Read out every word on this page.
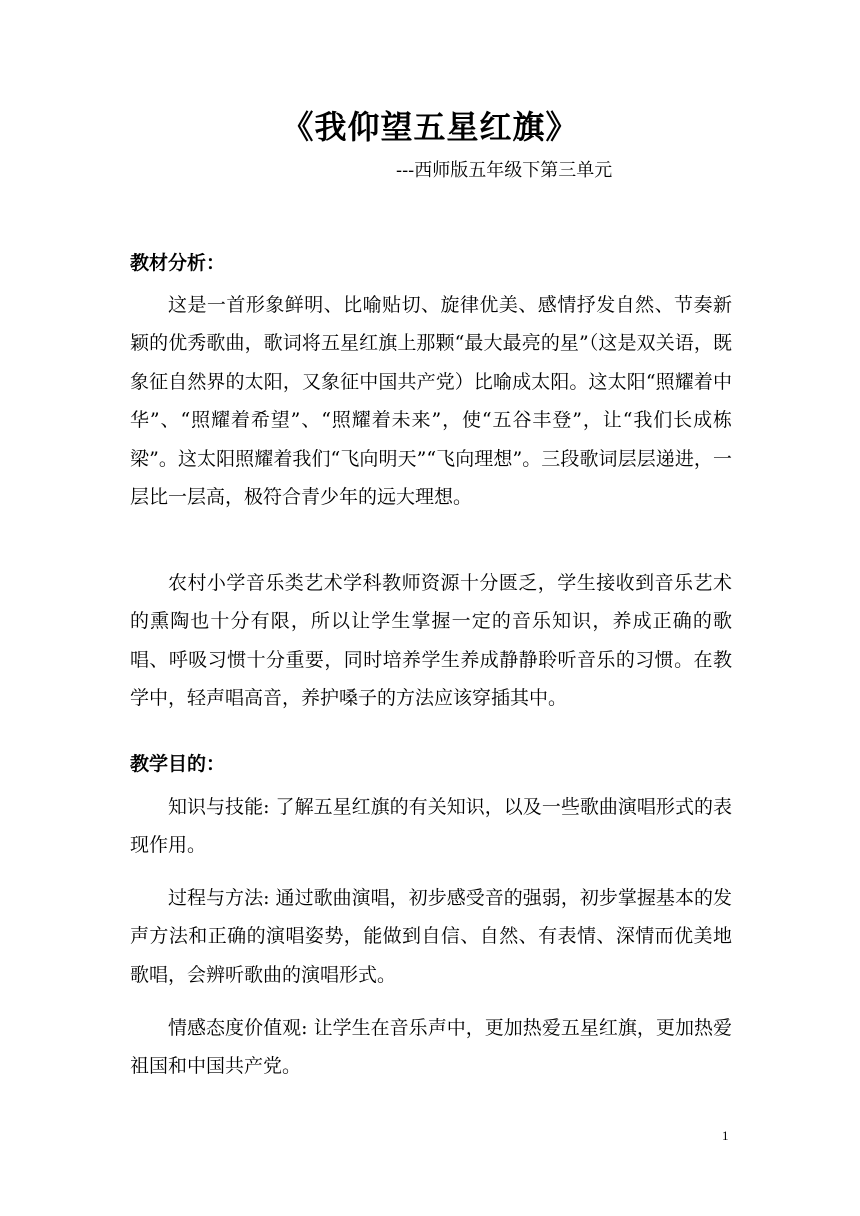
《我仰望五星红旗》
---西师版五年级下第三单元
教材分析：

这是一首形象鲜明、比喻贴切、旋律优美、感情抒发自然、节奏新颖的优秀歌曲，歌词将五星红旗上那颗“最大最亮的星”（这是双关语，既象征自然界的太阳，又象征中国共产党）比喻成太阳。这太阳“照耀着中华”、“照耀着希望”、“照耀着未来”，使“五谷丰登”，让“我们长成栋梁”。这太阳照耀着我们“飞向明天”“飞向理想”。三段歌词层层递进，一层比一层高，极符合青少年的远大理想。

农村小学音乐类艺术学科教师资源十分匮乏，学生接收到音乐艺术的熏陶也十分有限，所以让学生掌握一定的音乐知识，养成正确的歌唱、呼吸习惯十分重要，同时培养学生养成静静聆听音乐的习惯。在教学中，轻声唱高音，养护嗓子的方法应该穿插其中。

教学目的：

知识与技能: 了解五星红旗的有关知识，以及一些歌曲演唱形式的表现作用。

过程与方法: 通过歌曲演唱，初步感受音的强弱，初步掌握基本的发声方法和正确的演唱姿势，能做到自信、自然、有表情、深情而优美地歌唱，会辨听歌曲的演唱形式。

情感态度价值观: 让学生在音乐声中，更加热爱五星红旗，更加热爱祖国和中国共产党。

1
